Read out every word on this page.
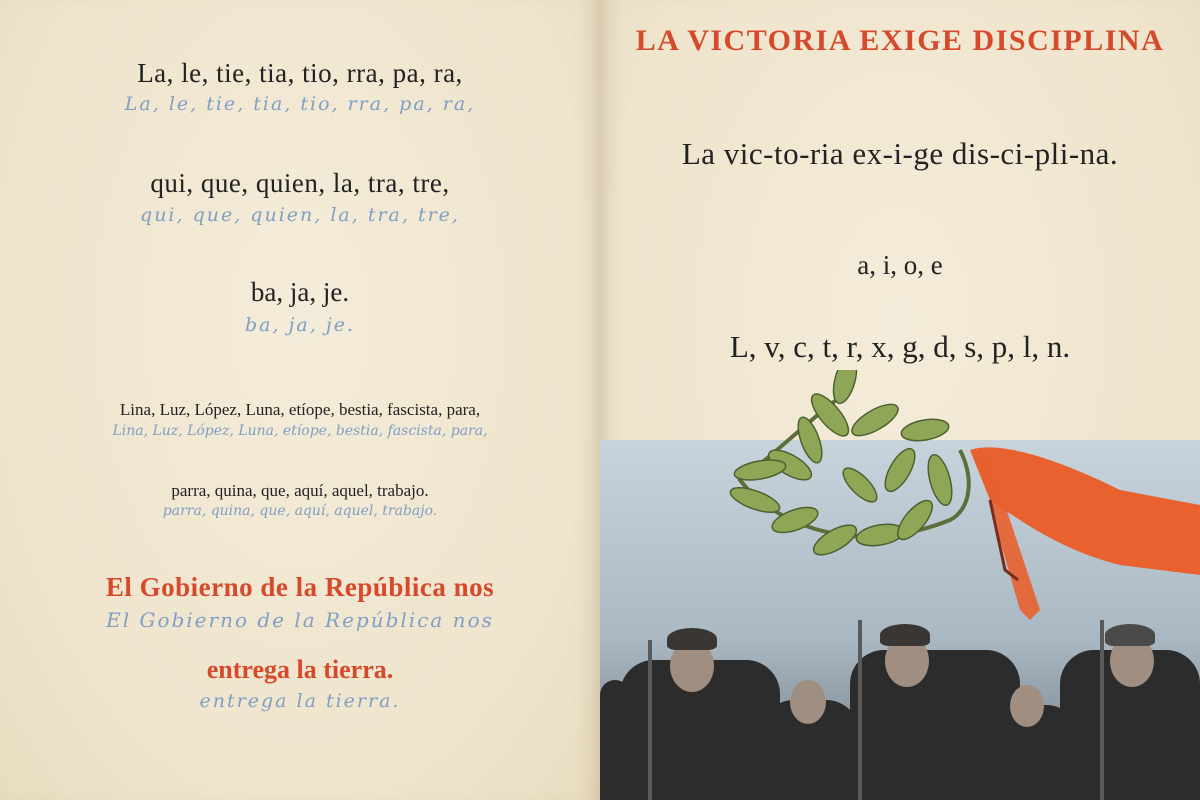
La, le, tie, tia, tio, rra, pa, ra,
La, le, tie, tia, tio, rra, pa, ra,
qui, que, quien, la, tra, tre,
qui, que, quien, la, tra, tre,
ba, ja, je.
ba, ja, je.
Lina, Luz, López, Luna, etíope, bestia, fascista, para,
Lina, Luz, López, Luna, etíope, bestia, fascista, para,
parra, quina, que, aquí, aquel, trabajo.
parra, quina, que, aquí, aquel, trabajo.
El Gobierno de la República nos
El Gobierno de la República nos
entrega la tierra.
entrega la tierra.
LA VICTORIA EXIGE DISCIPLINA
La vic-to-ria ex-i-ge dis-ci-pli-na.
a, i, o, e
L, v, c, t, r, x, g, d, s, p, l, n.
